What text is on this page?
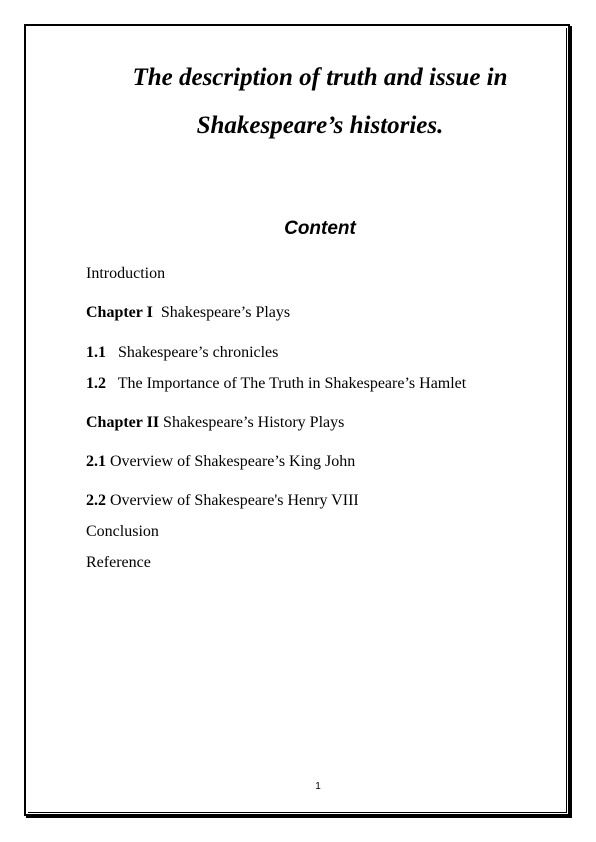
The description of truth and issue in Shakespeare’s histories.
Content
Introduction
Chapter I Shakespeare’s Plays
1.1 Shakespeare’s chronicles
1.2 The Importance of The Truth in Shakespeare’s Hamlet
Chapter II Shakespeare’s History Plays
2.1 Overview of Shakespeare’s King John
2.2 Overview of Shakespeare's Henry VIII
Conclusion
Reference
1
